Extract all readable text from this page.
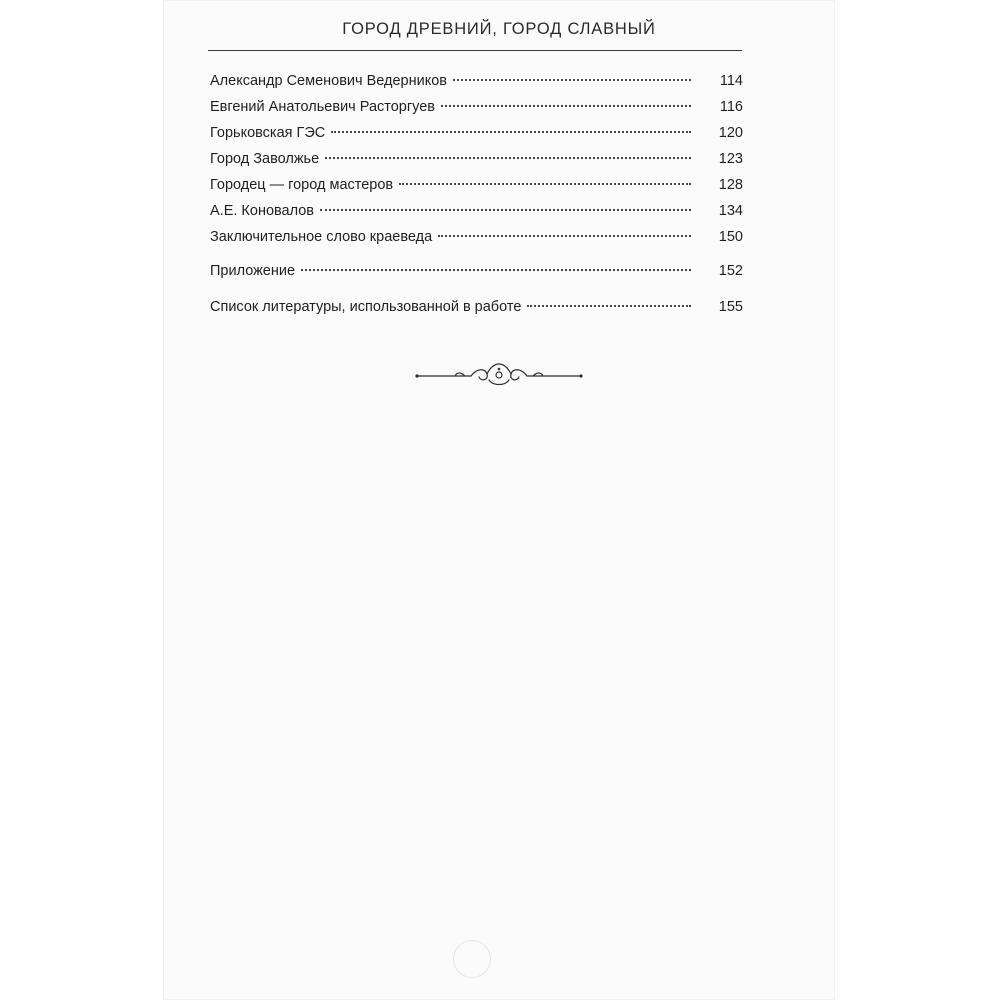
ГОРОД ДРЕВНИЙ, ГОРОД СЛАВНЫЙ
Александр Семенович Ведерников	114
Евгений Анатольевич Расторгуев	116
Горьковская ГЭС	120
Город Заволжье	123
Городец — город мастеров	128
А.Е. Коновалов	134
Заключительное слово краеведа	150
Приложение	152
Список литературы, использованной в работе	155
